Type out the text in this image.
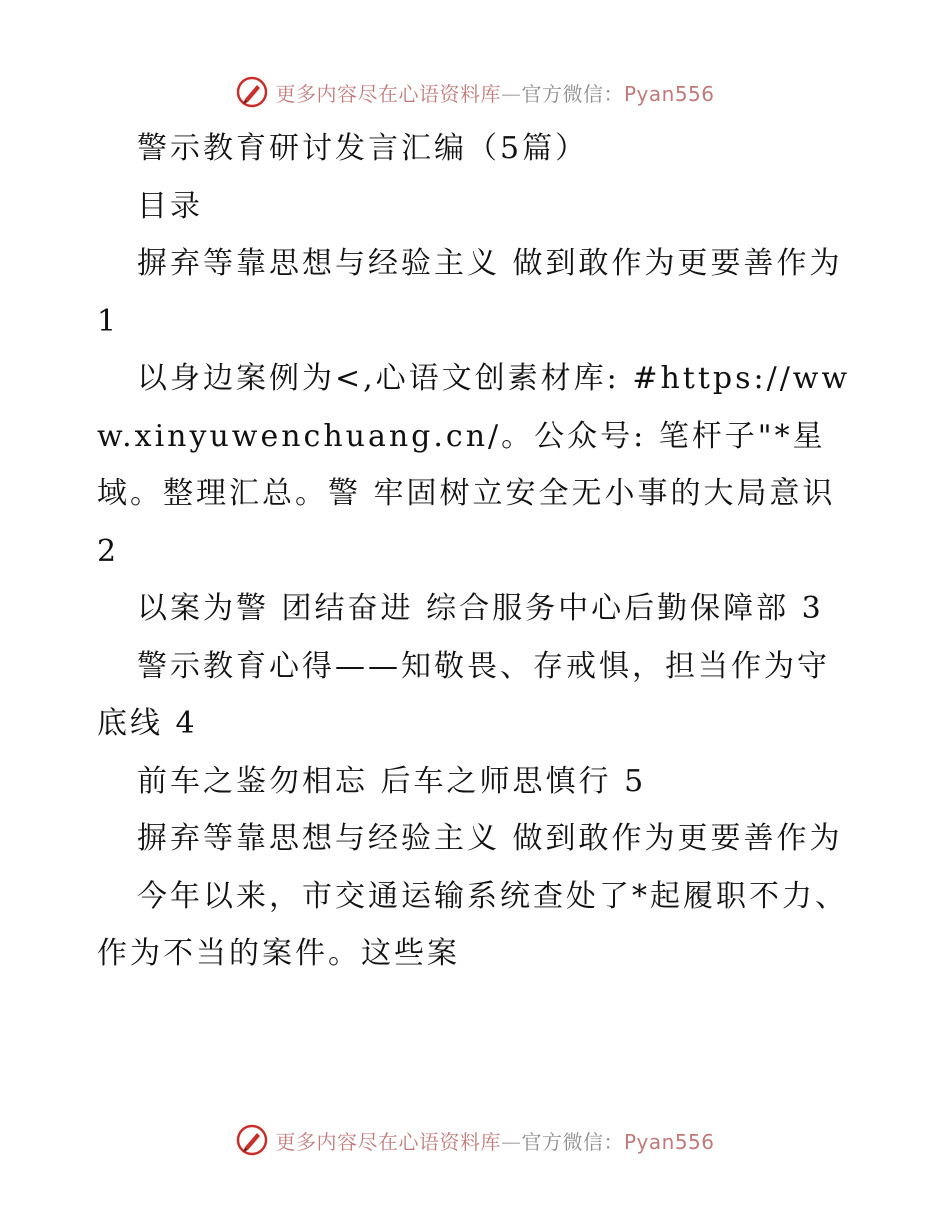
更多内容尽在心语资料库—官方微信：Pyan556

警示教育研讨发言汇编（5篇）

目录

摒弃等靠思想与经验主义 做到敢作为更要善作为 1

以身边案例为<,心语文创素材库: #https://www.xinyuwenchuang.cn/。公众号: 笔杆子"*星域。整理汇总。警 牢固树立安全无小事的大局意识 2

以案为警 团结奋进 综合服务中心后勤保障部 3

警示教育心得——知敬畏、存戒惧，担当作为守底线 4

前车之鉴勿相忘 后车之师思慎行 5

摒弃等靠思想与经验主义 做到敢作为更要善作为

今年以来，市交通运输系统查处了*起履职不力、作为不当的案件。这些案

更多内容尽在心语资料库—官方微信：Pyan556
